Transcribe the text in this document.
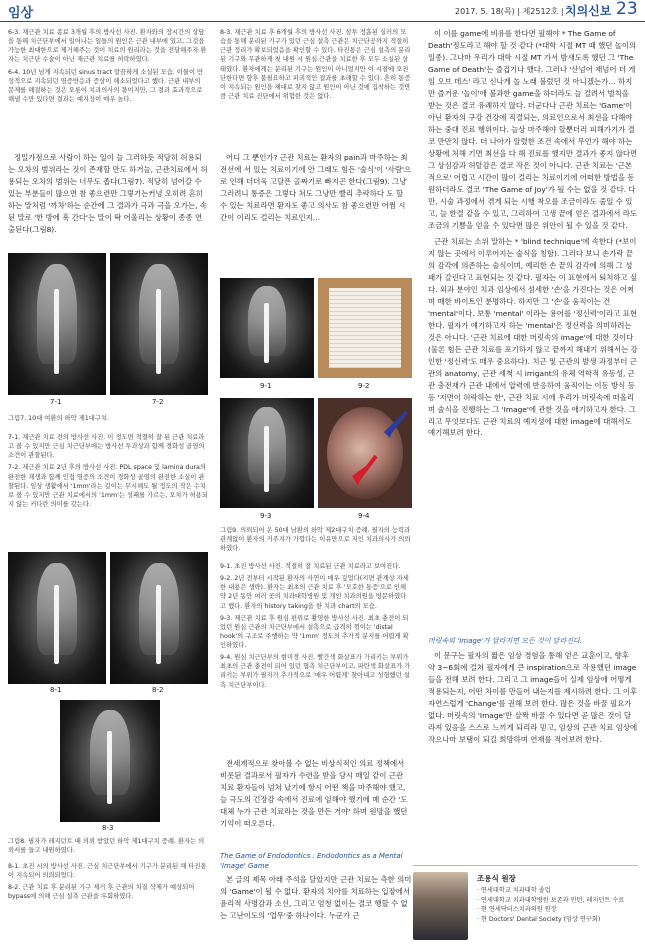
임상	2017. 5. 18(목) | 제2512호 | 치의신보 23

6-3. 재근관 치료 종료 3개월 후의 방사선 사진. 환자와의 장시간의 상담을 통해 치근단부에서 일어나는 일들의 원인은 근관 내부에 있고, 그것을 가능한 최대한으로 제거해주는 것이 치료의 원리라는 것을 전달해주자 환자는 치근단 수술이 아닌 재근관 치료를 허락하였다.

6-4. 10년 넘게 지속되던 sinus tract 말끔하게 소실된 모습. 이물이 만성적으로 지속되던 염증반응과 증상이 해소되었다고 했다. 근관 내부의 문제를 해결하는 것은 오롯이 치과의사의 몫이지만, 그 결과 효과적으로 해낼 수만 있다면 결과는 예지성이 매우 높다.

정밀가점으로 사람이 하는 일이 늘 그러하듯 적당히 허용되는 오차의 범위라는 것이 존재할 만도 하거늘, 근관치료에서 허용되는 오차의 범위는 너무도 좁다(그림7). 적당히 넘어갈 수 있는 부분들이 많으면 참 좋으련만 그렇기는커녕 오히려 흔히 하는 말처럼 '까차'하는 순간에 그 결과가 극과 극을 오가는, 속된 말로 '한 방에 훅 간다'는 말이 딱 어울리는 상황이 종종 연출된다(그림8).

7-1	7-2

그림7. 10대 여환의 하악 제1대구치.

7-1. 재근관 치료 전의 방사선 사진. 이 정도면 적절히 잘 된 근관 치료라고 볼 수 있지만 근심 치근단부에는 방사선 투과상과 함께 경화성 골염의 소견이 관찰된다.

7-2. 재근관 치료 2년 후의 방사선 사진. PDL space 및 lamina dura의 완전한 재생과 함께 인접 영증의 소견이 경화성 골염의 완전한 소실이 관찰된다. 임상 생활에서 '1mm'라는 길이는 무시해도 될 정도의 작은 수치로 볼 수 있지만 근관 치료에서의 '1mm'는 성패를 가르는, 오차가 허용되지 않는 커다란 의미를 갖는다.

8-1	8-2
8-3

그림8. 필자가 레지던트 때 의뢰 받았던 하악 제1대구치 증례. 환자는 의뢰서를 들고 내원하였다.

8-1. 초진 시의 방사선 사진. 근심 치근단부에서 기구가 분리된 채 타진통이 지속되어 의뢰되었다.

8-2. 근관 치료 후 분리된 기구 제거 후 근관의 치질 삭제가 예상되어 bypass에 의해 근심 설측 근관을 우회하였다.

8-3. 재근관 치료 후 6개월 후의 방사선 사진. 삼투 정흡된 실러의 모습을 통해 분리된 기구가 있던 근심 설측 근관은 치근단공까지 적절히 근관 정리가 확보되었음을 확인할 수 있다. 타진통은 근심 설측의 분리된 기구와 무관하게 첫 내원 시 원심 근관을 치료한 후 모두 소실된 상태였다. 환자에게는 분리된 기구는 원인이 아니었지만 이 시점에 오진단한다면 향후 불필요하고 파괴적인 결과를 초래할 수 있다. 흔히 통증이 지속되는 원인을 제대로 찾지 않고 원인이 아닌 것에 집착하는 것만큼 근관 치료 진단에서 위험한 것은 없다.

어디 그 뿐인가? 근관 치료는 환자의 pain과 마주하는 최전선에 서 있는 치료이기에 안 그래도 힘든 '술식'이 '사람'으로 인해 더더욱 고달픈 골짜기로 빠지곤 한다(그림9). 그냥 그러려니 통증은 그렇다 쳐도 그냥만 빨리 추락하다 도 할 수 있는 치료라면 환자도 좋고 의사도 참 좋으련만 어쩜 시간이 이리도 걸리는 치료인지…

9-1	9-2
9-3	9-4

그림9. 의뢰되어 온 50대 남환의 하악 제2대구치 증례. 필자의 능력과 관계없이 환자의 거주지가 가깝다는 이유만으로 지인 치과의사가 의뢰하였다.

9-1. 초진 방사선 사진. 적절히 잘 치료된 근관 치료라고 보여진다.

9-2. 2년 전부터 시작된 환자의 사연이 매우 깊었다(지면 관계상 자세한 내용은 생략). 환자는 최초의 근관 치료 후 '모호한 통증'으로 인해 약 2년 동안 여러 곳의 치과대학병원 및 개인 치과의원을 방문하였다고 했다. 환자의 history taking을 한 치과 chart의 모습.

9-3. 재근관 치료 후 원심 편위로 촬영한 방사선 사진. 최초 충전이 되었던 원심 근관의 치근단부에서 설측으로 급격히 꺾이는 'distal hook'의 구조로 주행하는 약 '1mm' 정도의 추가적 분지를 어렵게 확인하였다.

9-4. 원심 치근단부의 현미경 사진. 빨간색 화살표가 가리키는 부위가 최초의 근관 충전이 되어 있던 협측 치근단부이고, 파란색 화살표가 가리키는 부위가 필자가 추가적으로 '매우 어렵게' 찾아내고 성형했던 설측 치근단부이다.

전세계적으로 찾아볼 수 없는 비상식적인 의료 정책에서 비롯된 결과로서 필자가 수련을 받을 당시 매일 같이 근관 치료 환자들이 넘쳐 났기에 항시 어떤 책을 마주해야 했고, 늘 극도의 긴장감 속에서 진료에 임해야 했기에 매 순간 '도대체 누가 근관 치료라는 것을 만든 거야' 하며 원망을 했던 기억이 떠오른다.

The Game of Endodontics : Endodontics as a Mental 'Image' Game

본 글의 제목 아래 주석을 달았지만 근관 치료는 측한 의미의 'Game'이 될 수 없다. 환자의 치아를 치료하는 입장에서 윤리적 사명감과 소신, 그리고 엄청 없이는 결코 행할 수 없는 고난이도의 '업무'중 하나이다. 누군가 근

이 이를 game에 비유를 한다면 필해야 * The Game of Death'정도라고 해야 할 것 같다 (*대학 시절 MT 때 했던 놀이의 일종). 그나마 우리가 대학 시절 MT 가서 밤새도록 했던 그 'The Game of Death'는 즐겁기나 했다. 그러나 '산넘어 재넘어 더 게임 오브 데스' 라고 신나게 놀 노래 불렀던 것 아니겠는가… 하지만 즐거운 '놀이'에 불과한 game을 하더라도 늘 걸려서 벌칙을 받는 것은 결코 유쾌하지 않다. 더군다나 근관 치료는 'Game'이 아닌 환자의 구강 건강에 직결되는, 의료인으로서 최선을 다해야 하는 중대 진료 행위이다. 늘상 마주해야 할뿐더러 피해가기가 결코 만만치 않다. 더 나아가 알렸한 조건 속에서 무언가 해야 하는 상황에 처해 기면 최선을 다 해 진료를 했지만 결과가 좋지 않다면 그 상심감과 허탈감은 결코 작은 것이 아니다. 근관 치료는 '근본적으로' 어렵고 시간이 많이 걸리는 치료이기에 어떠한 방법을 동원하더라도 결코 'The Game of Joy'가 될 수는 없을 것 같다. 다만, 시술 과정에서 겪게 되는 시행 착오를 조금이라도 줄일 수 있고, 늘 한결 같을 수 있고, 그리하여 고생 끝에 얻은 결과에서 라도 조금의 기쁨을 얻을 수 있다면 많은 위안이 될 수 있을 것 같다.

근관 치료는 소위 말하는 * 'blind technique'에 속한다 (*보이지 않는 곳에서 이루어지는 술식을 칭함). 그러다 보니 손가락 끝의 감각에 의존하는 술식이며, 예리한 손 끝의 감각에 의해 그 성패가 갈린다고 표현되는 것 같다. 필자는 이 표현에서 퇴치하고 싶다. 외과 분야인 치과 임상에서 섬세한 '손'을 가진다는 것은 어쩌며 매한 바이트인 분명하다. 하지만 그 '손'을 움직이는 건 'mental'이다. 보통 'mental' 이라는 용어를 '정신력'이라고 표현한다. 필자가 얘기하고자 하는 'mental'은 정신력을 의미하려는 것은 아니다. '근관 치료에 대한 머릿속의 image'에 대한 것이다 (물론 힘든 근관 치료를 포기하지 않고 끝까지 해내기 위해서는 강인한 '정신력'도 매우 중요하다). 치근 및 근관의 발생 과정부터 근관의 anatomy, 근관 세척 시 irrigant의 유체 역학적 유동성, 근관 충전재가 근관 내에서 압력에 반응하여 움직이는 이동 방식 등등 '지면이 허락하는 한', 근관 치료 시에 우리가 머릿속에 떠올리며 술식을 진행하는 그 'Image'에 관한 것을 애기하고자 한다. 그리고 무엇보다도 근관 치료의 예지성에 대한 image에 대해서도 얘기해보려 한다.

머릿속의 'Image'가 달라지면 모든 것이 달라진다.

이 문구는 필자의 짧은 임상 경험을 통해 얻은 교훈이고, 향후 약 3~6회에 걸쳐 필자에게 큰 inspiration으로 작용했던 image들을 전해 보려 한다. 그리고 그 image들이 실제 임상에 어떻게 적용되는지, 어떤 차이를 만들어 내는지를 제시하려 한다. 그 이후 자연스럽게 'Change'를 권해 보려 한다. 많은 것을 바꿀 필요가 없다. 머릿속의 'Image'만 살짝 바꿀 수 있다면 곧 많은 것이 달라져 있음을 스스로 느끼게 되리라 믿고, 임상의 근관 치료 임상에 작으나마 보탬이 되길 희망하며 연재를 적어보려 한다.

조용식 원장
· 연세대학교 치과대학 졸업
· 연세대학교 치과대학병원 보존과 인턴, 레지던트 수료
· 현 연세닥터스치과의원 원장
· 현 Doctors' Dental Society (임상 연구회)
